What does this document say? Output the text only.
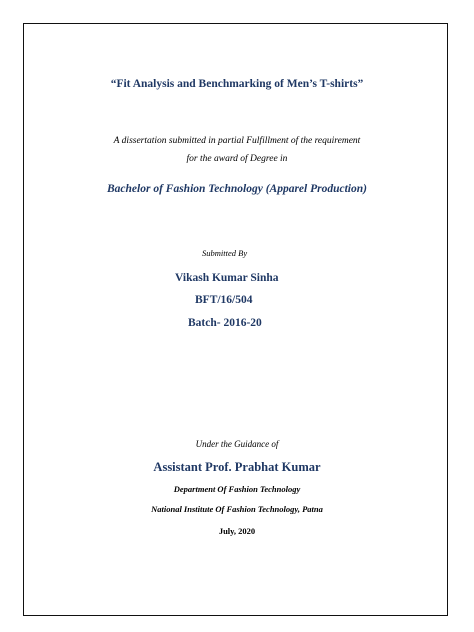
“Fit Analysis and Benchmarking of Men’s T-shirts”
A dissertation submitted in partial Fulfillment of the requirement
for the award of Degree in
Bachelor of Fashion Technology (Apparel Production)
Submitted By
Vikash Kumar Sinha
BFT/16/504
Batch- 2016-20
Under the Guidance of
Assistant Prof. Prabhat Kumar
Department Of Fashion Technology
National Institute Of Fashion Technology, Patna
July, 2020
